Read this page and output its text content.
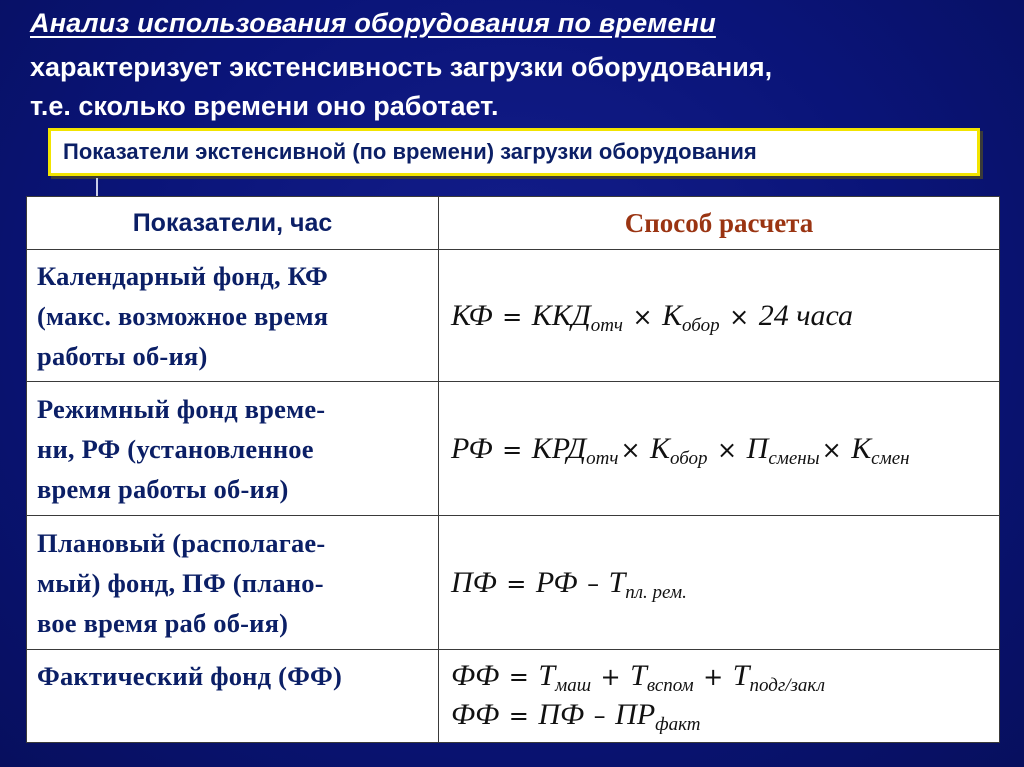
Анализ использования оборудования по времени
характеризует экстенсивность загрузки оборудования,
т.е. сколько времени оно работает.
Показатели экстенсивной (по времени) загрузки оборудования
Показатели, час	Способ расчета

Календарный фонд, КФ
(макс. возможное время
работы об-ия)	КФ = $ККД_{отч} \times К_{обор} \times 24$ часа

Режимный фонд време-
ни, РФ (установленное
время работы об-ия)	РФ = $КРД_{отч}\times К_{обор} \times П_{смены}\times К_{смен}$

Плановый (располагае-
мый) фонд, ПФ (плано-
вое время раб об-ия)	ПФ = РФ – $Т_{пл. рем.}$

Фактический фонд (ФФ)	ФФ = $Т_{маш} + Т_{вспом} + Т_{подг/закл}$
ФФ = ПФ – $ПР_{факт}$
